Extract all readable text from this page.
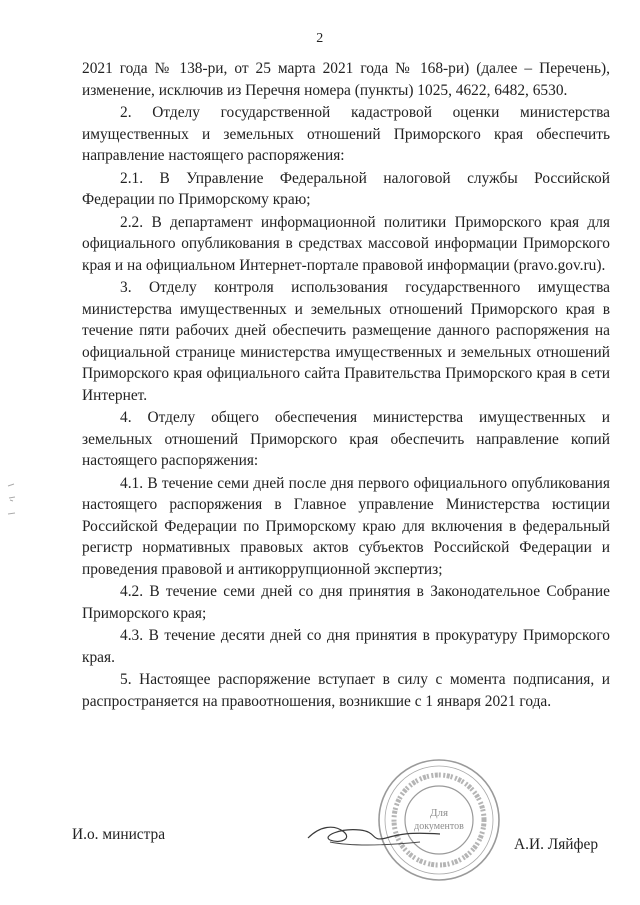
2

2021 года № 138-ри, от 25 марта 2021 года № 168-ри) (далее – Перечень), изменение, исключив из Перечня номера (пункты) 1025, 4622, 6482, 6530.

2. Отделу государственной кадастровой оценки министерства имущественных и земельных отношений Приморского края обеспечить направление настоящего распоряжения:

2.1. В Управление Федеральной налоговой службы Российской Федерации по Приморскому краю;

2.2. В департамент информационной политики Приморского края для официального опубликования в средствах массовой информации Приморского края и на официальном Интернет-портале правовой информации (pravo.gov.ru).

3. Отделу контроля использования государственного имущества министерства имущественных и земельных отношений Приморского края в течение пяти рабочих дней обеспечить размещение данного распоряжения на официальной странице министерства имущественных и земельных отношений Приморского края официального сайта Правительства Приморского края в сети Интернет.

4. Отделу общего обеспечения министерства имущественных и земельных отношений Приморского края обеспечить направление копий настоящего распоряжения:

4.1. В течение семи дней после дня первого официального опубликования настоящего распоряжения в Главное управление Министерства юстиции Российской Федерации по Приморскому краю для включения в федеральный регистр нормативных правовых актов субъектов Российской Федерации и проведения правовой и антикоррупционной экспертиз;

4.2. В течение семи дней со дня принятия в Законодательное Собрание Приморского края;

4.3. В течение десяти дней со дня принятия в прокуратуру Приморского края.

5. Настоящее распоряжение вступает в силу с момента подписания, и распространяется на правоотношения, возникшие с 1 января 2021 года.

Для
документов
И.о. министра
А.И. Ляйфер
